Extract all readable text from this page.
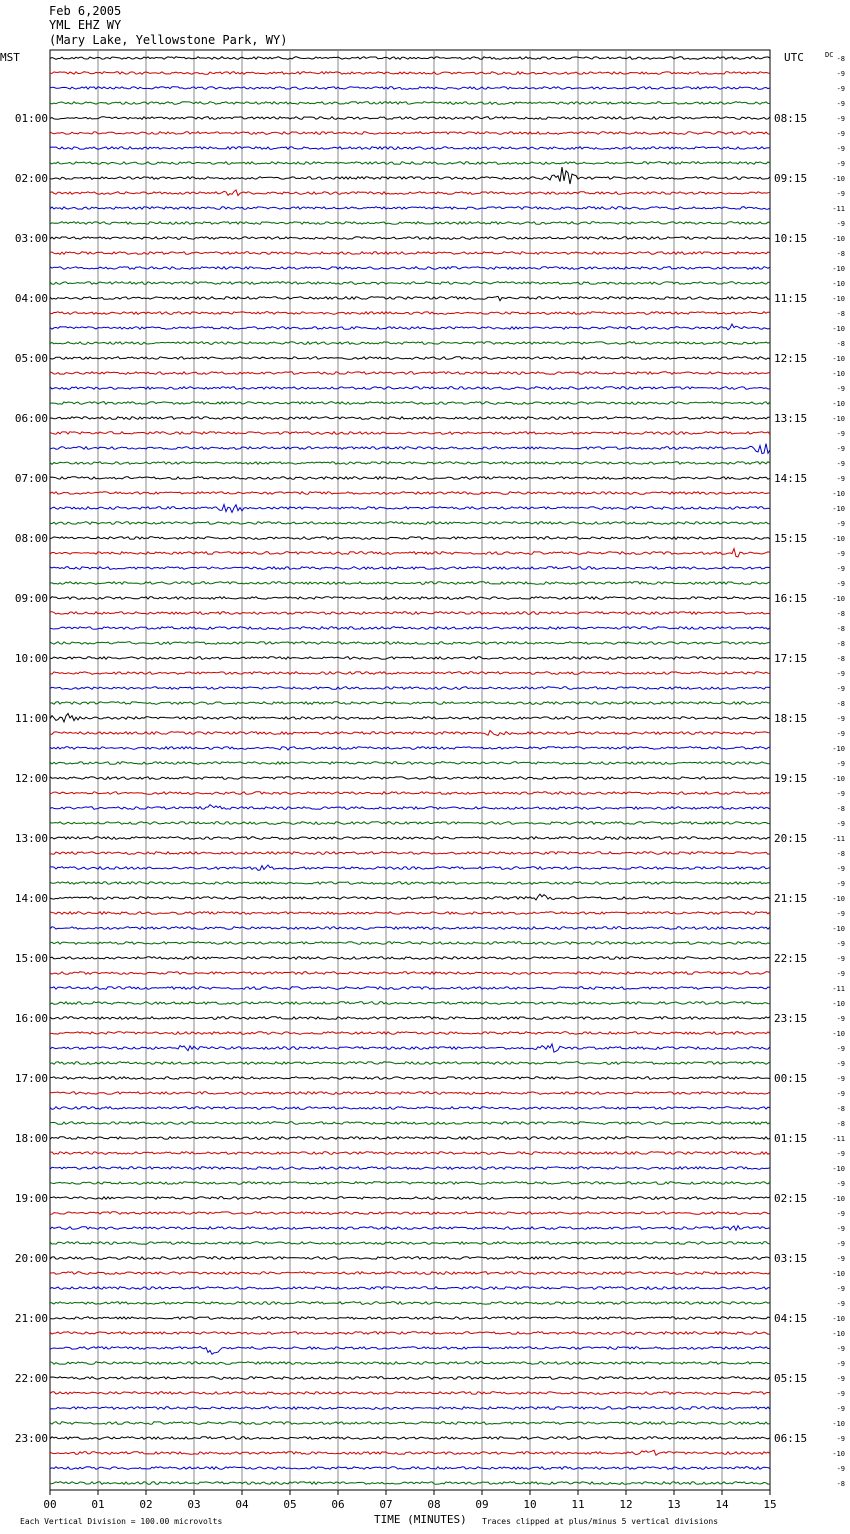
Feb 6,2005
YML EHZ WY
(Mary Lake, Yellowstone Park, WY)
00	01	02	03	04	05	06	07	08	09	10	11	12	13	14	15
01:00
02:00
03:00
04:00
05:00
06:00
07:00
08:00
09:00
10:00
11:00
12:00
13:00
14:00
15:00
16:00
17:00
18:00
19:00
20:00
21:00
22:00
23:00
08:15
09:15
10:15
11:15
12:15
13:15
14:15
15:15
16:15
17:15
18:15
19:15
20:15
21:15
22:15
23:15
00:15
01:15
02:15
03:15
04:15
05:15
06:15
-8
-9
-9
-9
-9
-9
-9
-9
-10
-9
-11
-9
-10
-8
-10
-10
-10
-8
-10
-8
-10
-10
-9
-10
-10
-9
-9
-9
-9
-10
-10
-9
-10
-9
-9
-9
-10
-8
-8
-8
-8
-9
-9
-8
-9
-9
-10
-9
-10
-9
-8
-9
-11
-8
-9
-9
-10
-9
-10
-9
-9
-9
-11
-10
-9
-10
-9
-9
-9
-9
-8
-8
-11
-9
-10
-9
-10
-9
-9
-9
-9
-10
-9
-9
-10
-10
-9
-9
-9
-9
-9
-10
-9
-10
-9
-8
MST	UTC	DC
TIME (MINUTES)
Each Vertical Division = 100.00 microvolts	Traces clipped at plus/minus 5 vertical divisions
